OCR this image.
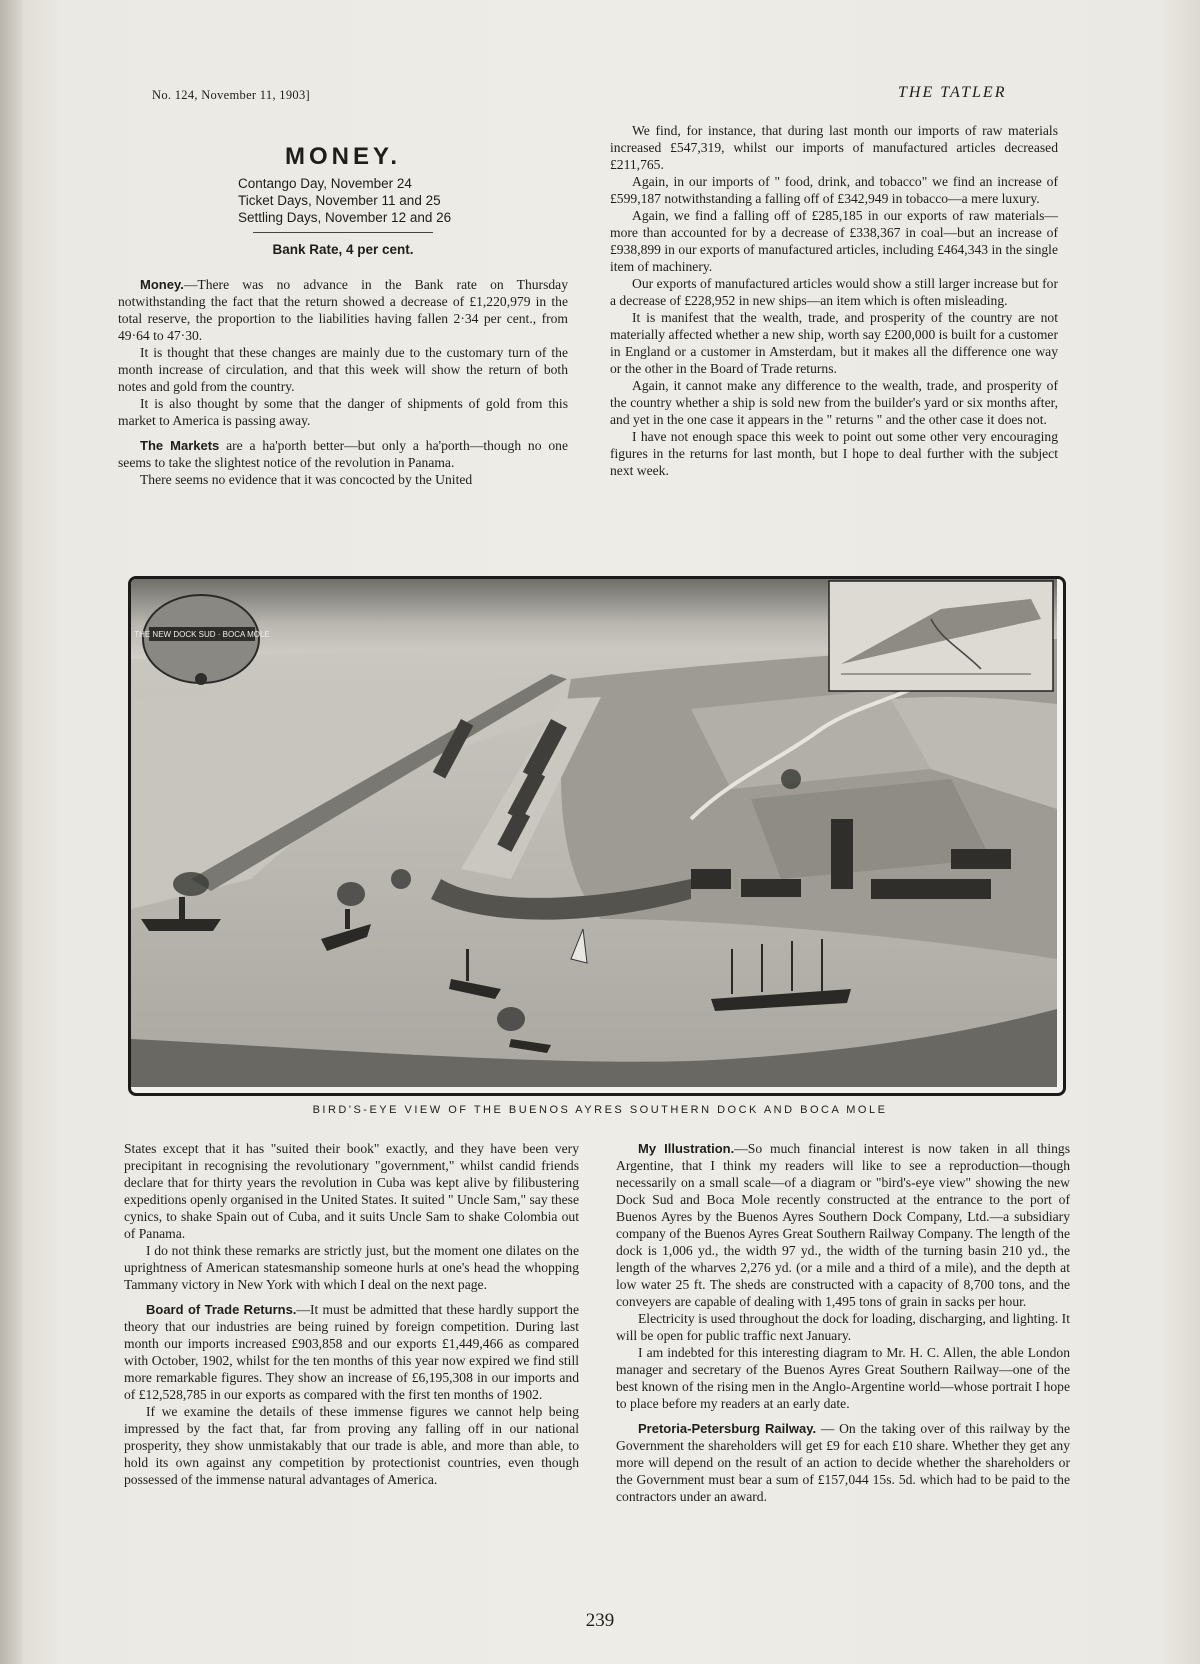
No. 124, November 11, 1903]	THE TATLER
MONEY.
Contango Day, November 24
Ticket Days, November 11 and 25
Settling Days, November 12 and 26
Bank Rate, 4 per cent.

Money.—There was no advance in the Bank rate on Thursday notwithstanding the fact that the return showed a decrease of £1,220,979 in the total reserve, the proportion to the liabilities having fallen 2·34 per cent., from 49·64 to 47·30.

It is thought that these changes are mainly due to the customary turn of the month increase of circulation, and that this week will show the return of both notes and gold from the country.

It is also thought by some that the danger of shipments of gold from this market to America is passing away.

The Markets are a ha'porth better—but only a ha'porth—though no one seems to take the slightest notice of the revolution in Panama.

There seems no evidence that it was concocted by the United

We find, for instance, that during last month our imports of raw materials increased £547,319, whilst our imports of manufactured articles decreased £211,765.

Again, in our imports of " food, drink, and tobacco" we find an increase of £599,187 notwithstanding a falling off of £342,949 in tobacco—a mere luxury.

Again, we find a falling off of £285,185 in our exports of raw materials—more than accounted for by a decrease of £338,367 in coal—but an increase of £938,899 in our exports of manufactured articles, including £464,343 in the single item of machinery.

Our exports of manufactured articles would show a still larger increase but for a decrease of £228,952 in new ships—an item which is often misleading.

It is manifest that the wealth, trade, and prosperity of the country are not materially affected whether a new ship, worth say £200,000 is built for a customer in England or a customer in Amsterdam, but it makes all the difference one way or the other in the Board of Trade returns.

Again, it cannot make any difference to the wealth, trade, and prosperity of the country whether a ship is sold new from the builder's yard or six months after, and yet in the one case it appears in the " returns " and the other case it does not.

I have not enough space this week to point out some other very encouraging figures in the returns for last month, but I hope to deal further with the subject next week.

THE NEW DOCK SUD · BOCA MOLE
BIRD'S-EYE VIEW OF THE BUENOS AYRES SOUTHERN DOCK AND BOCA MOLE

States except that it has "suited their book" exactly, and they have been very precipitant in recognising the revolutionary "government," whilst candid friends declare that for thirty years the revolution in Cuba was kept alive by filibustering expeditions openly organised in the United States. It suited " Uncle Sam," say these cynics, to shake Spain out of Cuba, and it suits Uncle Sam to shake Colombia out of Panama.

I do not think these remarks are strictly just, but the moment one dilates on the uprightness of American statesmanship someone hurls at one's head the whopping Tammany victory in New York with which I deal on the next page.

Board of Trade Returns.—It must be admitted that these hardly support the theory that our industries are being ruined by foreign competition. During last month our imports increased £903,858 and our exports £1,449,466 as compared with October, 1902, whilst for the ten months of this year now expired we find still more remarkable figures. They show an increase of £6,195,308 in our imports and of £12,528,785 in our exports as compared with the first ten months of 1902.

If we examine the details of these immense figures we cannot help being impressed by the fact that, far from proving any falling off in our national prosperity, they show unmistakably that our trade is able, and more than able, to hold its own against any competition by protectionist countries, even though possessed of the immense natural advantages of America.

My Illustration.—So much financial interest is now taken in all things Argentine, that I think my readers will like to see a reproduction—though necessarily on a small scale—of a diagram or "bird's-eye view" showing the new Dock Sud and Boca Mole recently constructed at the entrance to the port of Buenos Ayres by the Buenos Ayres Southern Dock Company, Ltd.—a subsidiary company of the Buenos Ayres Great Southern Railway Company. The length of the dock is 1,006 yd., the width 97 yd., the width of the turning basin 210 yd., the length of the wharves 2,276 yd. (or a mile and a third of a mile), and the depth at low water 25 ft. The sheds are constructed with a capacity of 8,700 tons, and the conveyers are capable of dealing with 1,495 tons of grain in sacks per hour.

Electricity is used throughout the dock for loading, discharging, and lighting. It will be open for public traffic next January.

I am indebted for this interesting diagram to Mr. H. C. Allen, the able London manager and secretary of the Buenos Ayres Great Southern Railway—one of the best known of the rising men in the Anglo-Argentine world—whose portrait I hope to place before my readers at an early date.

Pretoria-Petersburg Railway. — On the taking over of this railway by the Government the shareholders will get £9 for each £10 share. Whether they get any more will depend on the result of an action to decide whether the shareholders or the Government must bear a sum of £157,044 15s. 5d. which had to be paid to the contractors under an award.

239
